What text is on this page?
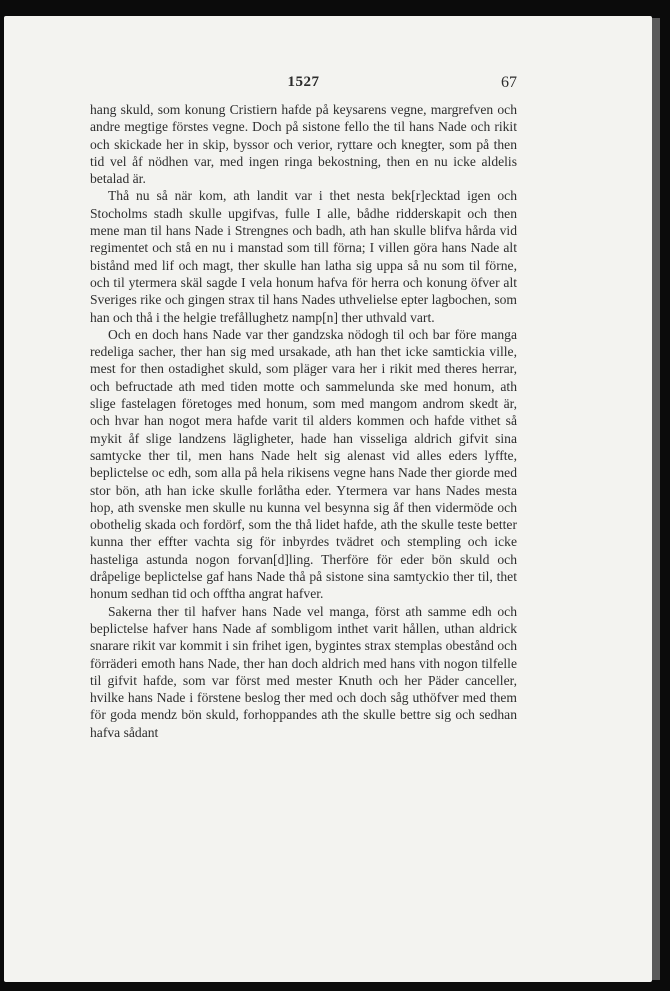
1527	67

hang skuld, som konung Cristiern hafde på keysarens vegne, margrefven och andre megtige förstes vegne. Doch på sistone fello the til hans Nade och rikit och skickade her in skip, byssor och verior, ryttare och knegter, som på then tid vel åf nödhen var, med ingen ringa bekostning, then en nu icke aldelis betalad är.

Thå nu så när kom, ath landit var i thet nesta bek[r]ecktad igen och Stocholms stadh skulle upgifvas, fulle I alle, bådhe ridderskapit och then mene man til hans Nade i Strengnes och badh, ath han skulle blifva hårda vid regimentet och stå en nu i manstad som till förna; I villen göra hans Nade alt bistånd med lif och magt, ther skulle han latha sig uppa så nu som til förne, och til ytermera skäl sagde I vela honum hafva för herra och konung öfver alt Sveriges rike och gingen strax til hans Nades uthvelielse epter lagbochen, som han och thå i the helgie trefållughetz namp[n] ther uthvald vart.

Och en doch hans Nade var ther gandzska nödogh til och bar före manga redeliga sacher, ther han sig med ursakade, ath han thet icke samtickia ville, mest for then ostadighet skuld, som pläger vara her i rikit med theres herrar, och befructade ath med tiden motte och sammelunda ske med honum, ath slige fastelagen företoges med honum, som med mangom androm skedt är, och hvar han nogot mera hafde varit til alders kommen och hafde vithet så mykit åf slige landzens lägligheter, hade han visseliga aldrich gifvit sina samtycke ther til, men hans Nade helt sig alenast vid alles eders lyffte, beplictelse oc edh, som alla på hela rikisens vegne hans Nade ther giorde med stor bön, ath han icke skulle forlåtha eder. Ytermera var hans Nades mesta hop, ath svenske men skulle nu kunna vel besynna sig åf then vidermöde och obothelig skada och fordörf, som the thå lidet hafde, ath the skulle teste better kunna ther effter vachta sig för inbyrdes tvädret och stempling och icke hasteliga astunda nogon forvan[d]ling. Therföre för eder bön skuld och dråpelige beplictelse gaf hans Nade thå på sistone sina samtyckio ther til, thet honum sedhan tid och offtha angrat hafver.

Sakerna ther til hafver hans Nade vel manga, först ath samme edh och beplictelse hafver hans Nade af sombligom inthet varit hållen, uthan aldrick snarare rikit var kommit i sin frihet igen, bygintes strax stemplas obestånd och förräderi emoth hans Nade, ther han doch aldrich med hans vith nogon tilfelle til gifvit hafde, som var först med mester Knuth och her Päder canceller, hvilke hans Nade i förstene beslog ther med och doch såg uthöfver med them för goda mendz bön skuld, forhoppandes ath the skulle bettre sig och sedhan hafva sådant
